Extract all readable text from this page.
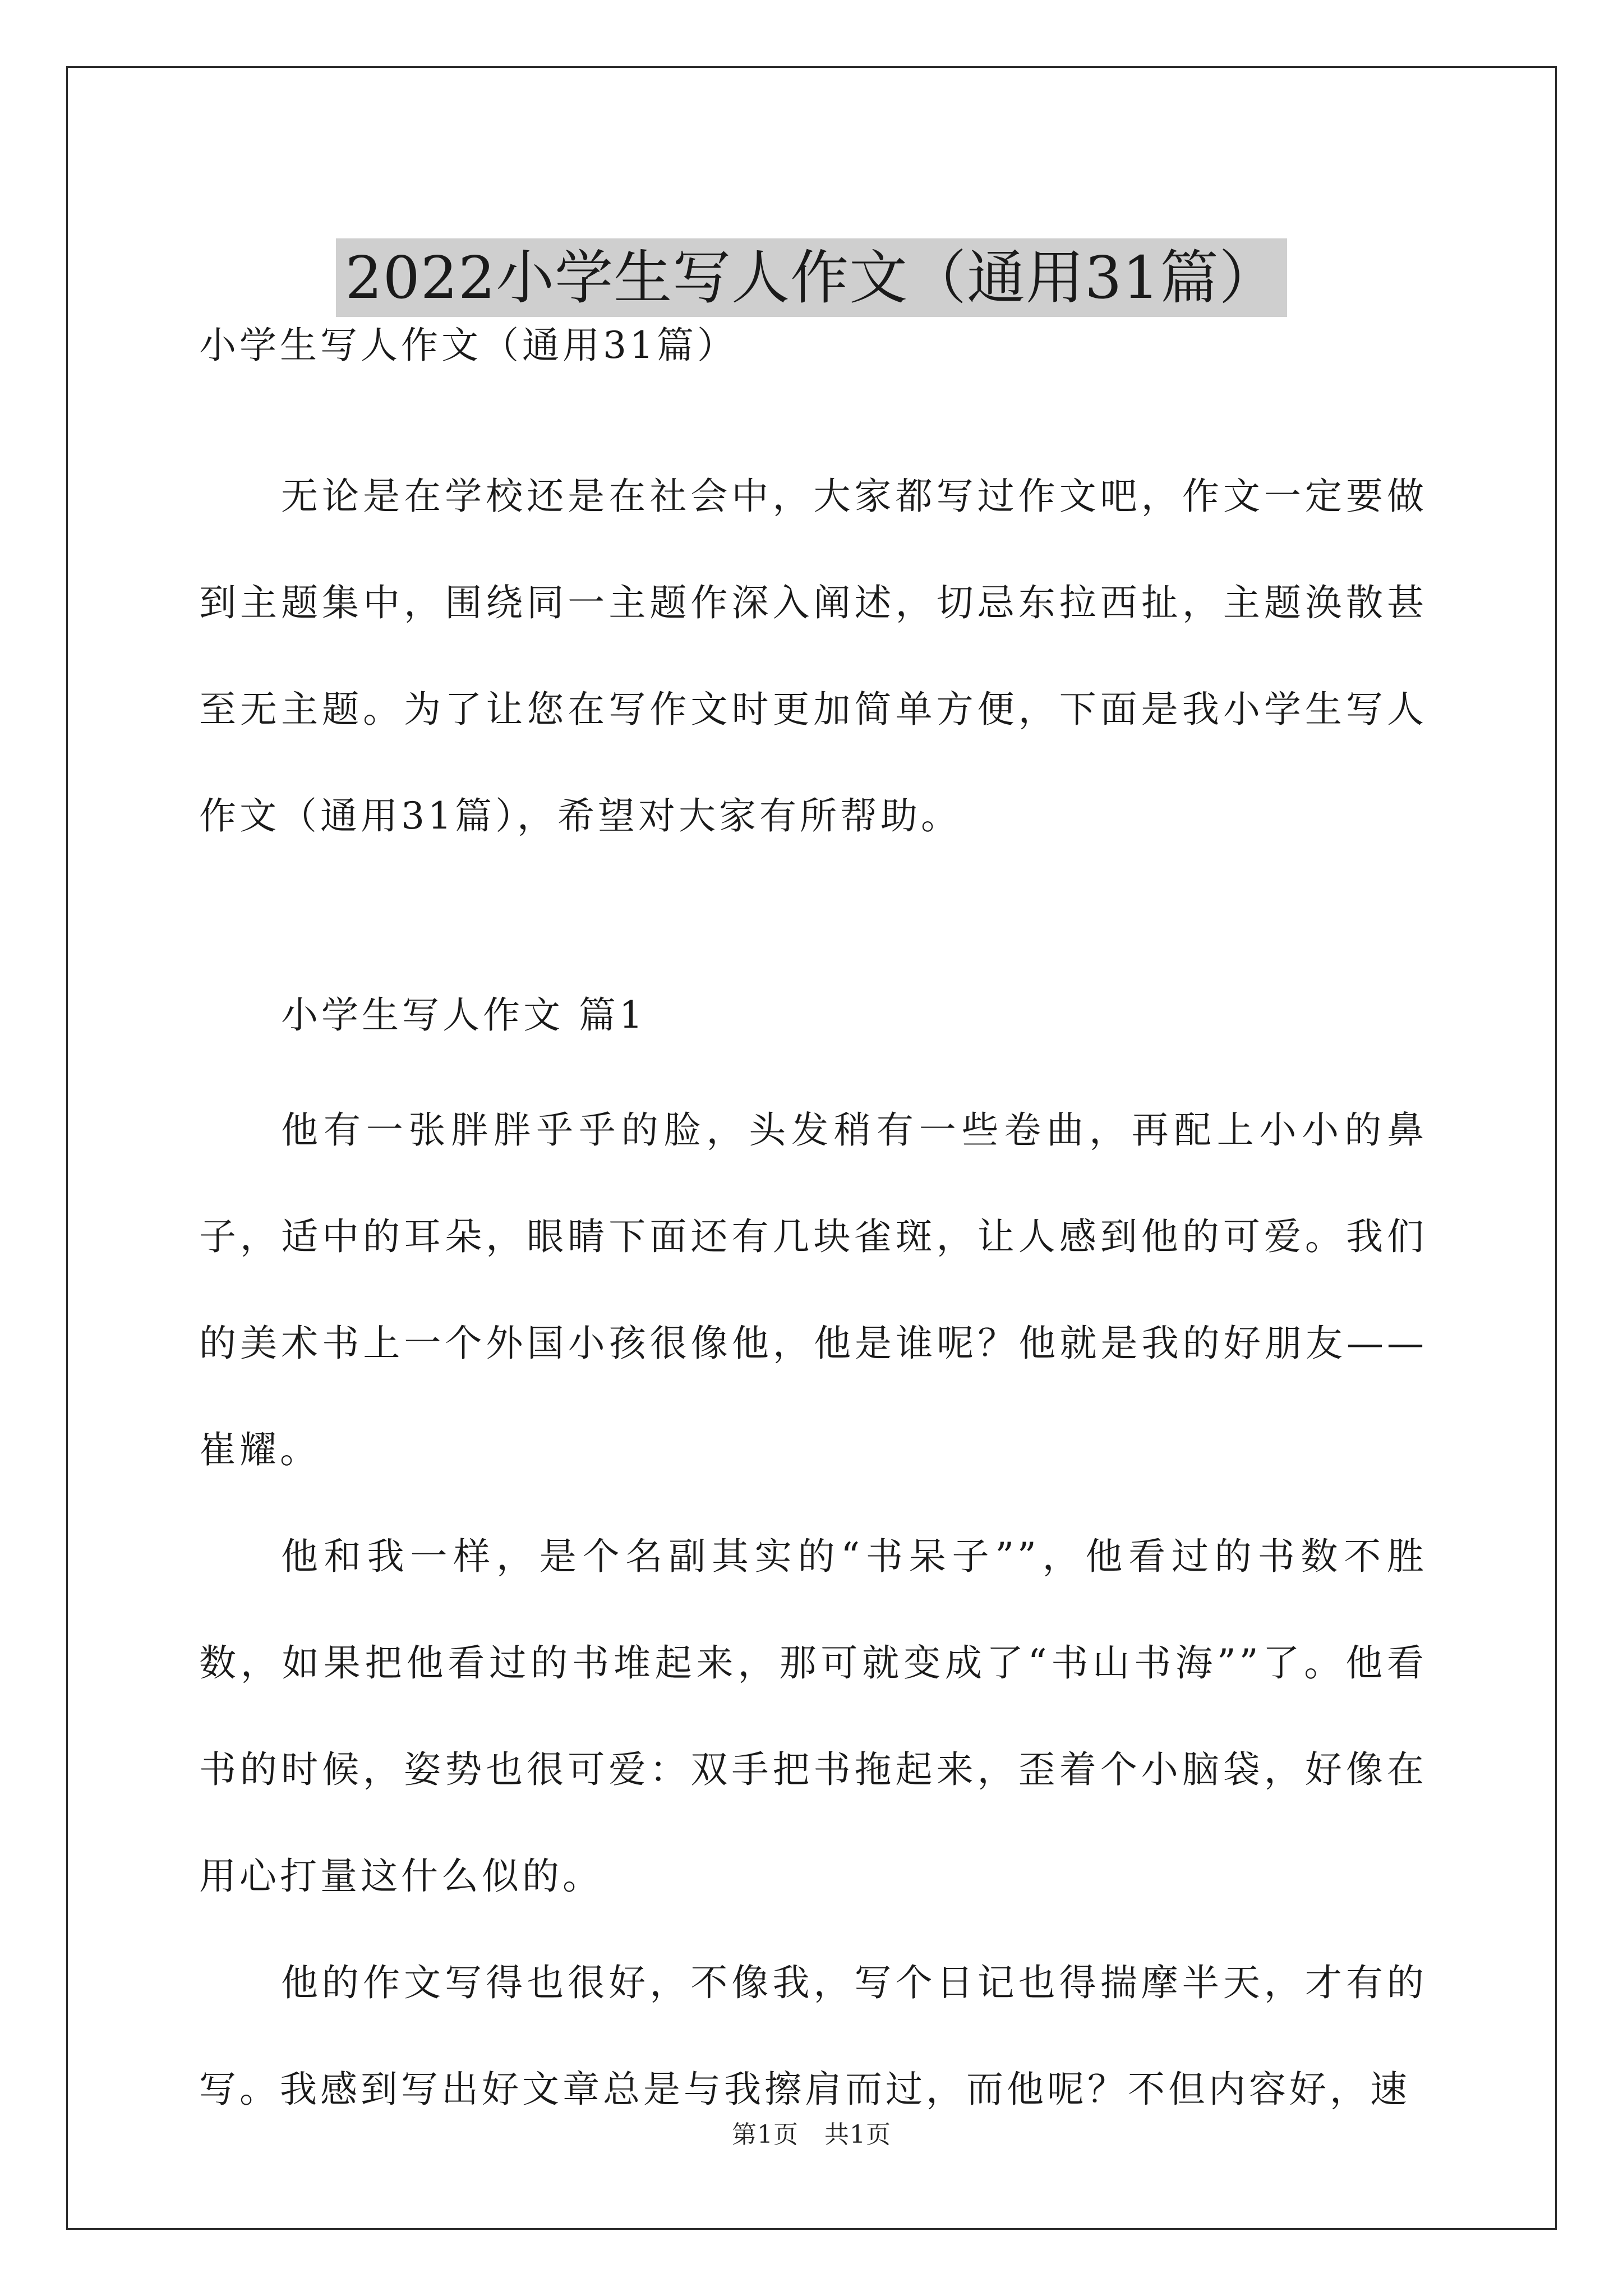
2022小学生写人作文（通用31篇）
小学生写人作文（通用31篇）

无论是在学校还是在社会中，大家都写过作文吧，作文一定要做到主题集中，围绕同一主题作深入阐述，切忌东拉西扯，主题涣散甚至无主题。为了让您在写作文时更加简单方便，下面是我小学生写人作文（通用31篇），希望对大家有所帮助。

小学生写人作文 篇1

他有一张胖胖乎乎的脸，头发稍有一些卷曲，再配上小小的鼻子，适中的耳朵，眼睛下面还有几块雀斑，让人感到他的可爱。我们的美术书上一个外国小孩很像他，他是谁呢？他就是我的好朋友——崔耀。

他和我一样，是个名副其实的“书呆子””，他看过的书数不胜数，如果把他看过的书堆起来，那可就变成了“书山书海””了。他看书的时候，姿势也很可爱：双手把书拖起来，歪着个小脑袋，好像在用心打量这什么似的。

他的作文写得也很好，不像我，写个日记也得揣摩半天，才有的写。我感到写出好文章总是与我擦肩而过，而他呢？不但内容好，速

第1页 共1页
